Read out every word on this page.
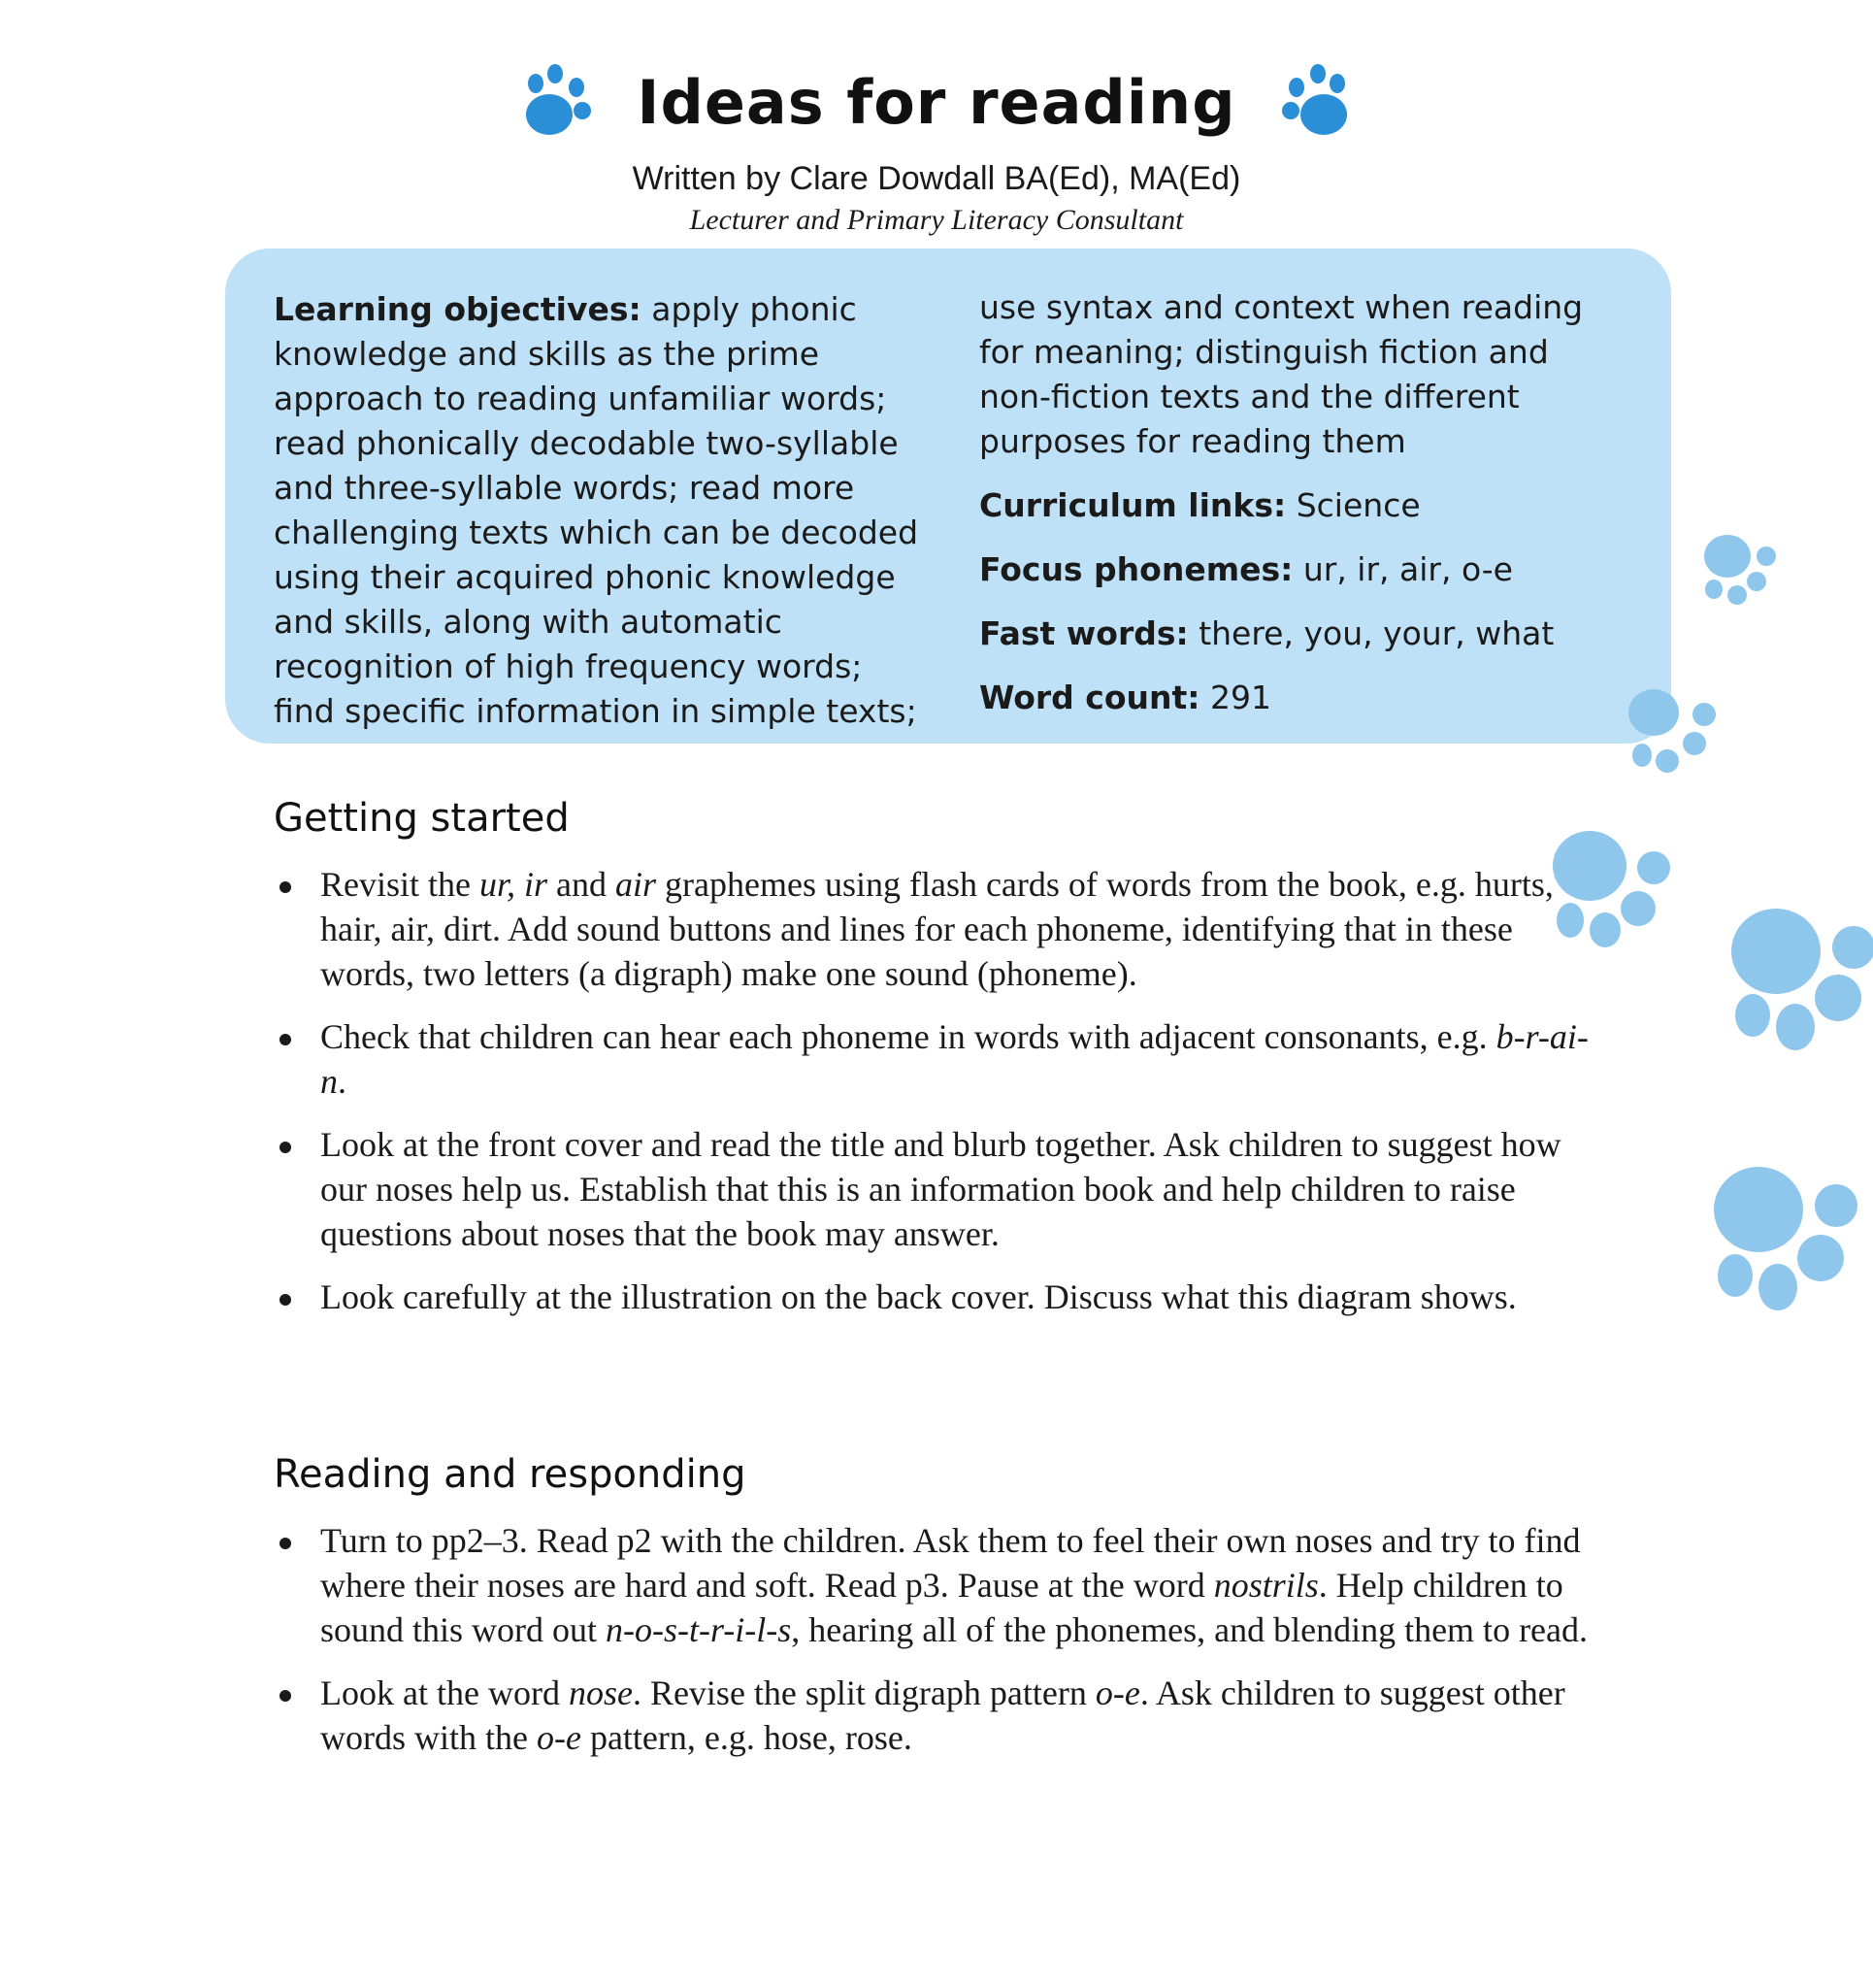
Ideas for reading
Written by Clare Dowdall BA(Ed), MA(Ed)
Lecturer and Primary Literacy Consultant

Learning objectives: apply phonic knowledge and skills as the prime approach to reading unfamiliar words; read phonically decodable two-syllable and three-syllable words; read more challenging texts which can be decoded using their acquired phonic knowledge and skills, along with automatic recognition of high frequency words; find specific information in simple texts;

use syntax and context when reading for meaning; distinguish fiction and non-fiction texts and the different purposes for reading them

Curriculum links: Science

Focus phonemes: ur, ir, air, o-e

Fast words: there, you, your, what

Word count: 291

Getting started
Revisit the ur, ir and air graphemes using flash cards of words from the book, e.g. hurts, hair, air, dirt. Add sound buttons and lines for each phoneme, identifying that in these words, two letters (a digraph) make one sound (phoneme).
Check that children can hear each phoneme in words with adjacent consonants, e.g. b-r-ai-n.
Look at the front cover and read the title and blurb together. Ask children to suggest how our noses help us. Establish that this is an information book and help children to raise questions about noses that the book may answer.
Look carefully at the illustration on the back cover. Discuss what this diagram shows.
Reading and responding
Turn to pp2–3. Read p2 with the children. Ask them to feel their own noses and try to find where their noses are hard and soft. Read p3. Pause at the word nostrils. Help children to sound this word out n-o-s-t-r-i-l-s, hearing all of the phonemes, and blending them to read.
Look at the word nose. Revise the split digraph pattern o-e. Ask children to suggest other words with the o-e pattern, e.g. hose, rose.
